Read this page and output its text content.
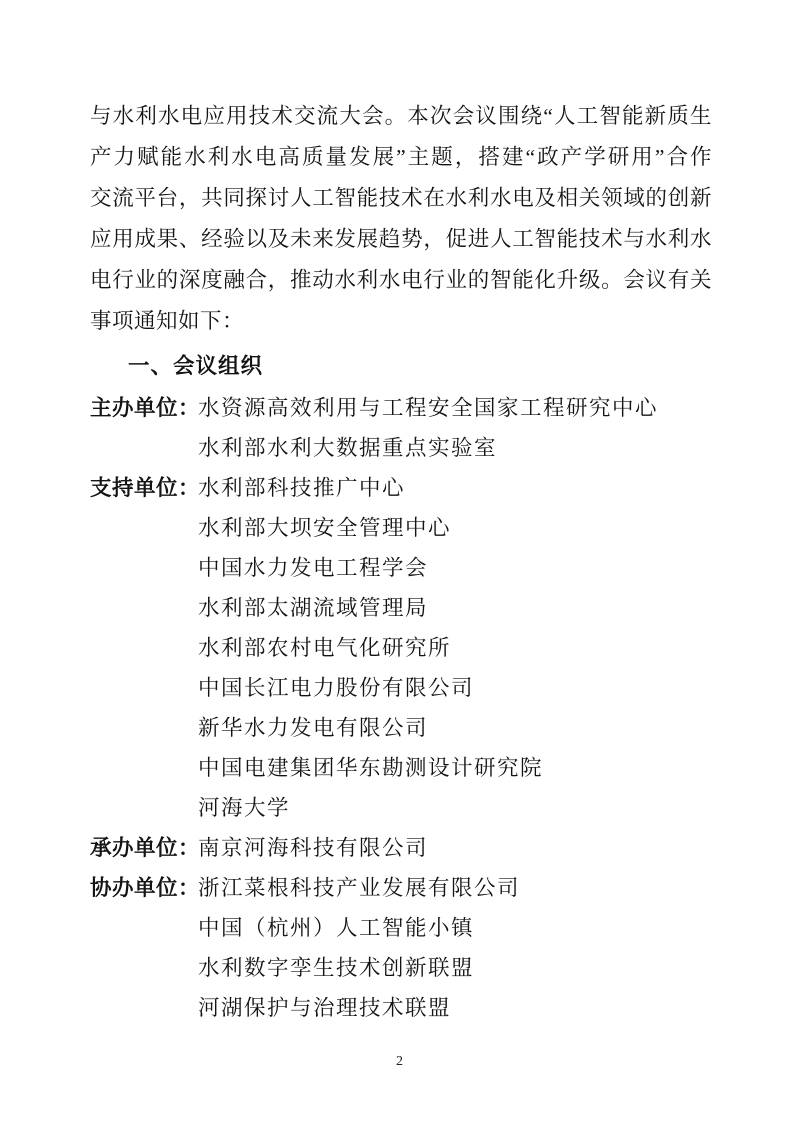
与水利水电应用技术交流大会。本次会议围绕“人工智能新质生
产力赋能水利水电高质量发展”主题，搭建“政产学研用”合作
交流平台，共同探讨人工智能技术在水利水电及相关领域的创新
应用成果、经验以及未来发展趋势，促进人工智能技术与水利水
电行业的深度融合，推动水利水电行业的智能化升级。会议有关
事项通知如下：
一、会议组织
主办单位：
水资源高效利用与工程安全国家工程研究中心
水利部水利大数据重点实验室
支持单位：
水利部科技推广中心
水利部大坝安全管理中心
中国水力发电工程学会
水利部太湖流域管理局
水利部农村电气化研究所
中国长江电力股份有限公司
新华水力发电有限公司
中国电建集团华东勘测设计研究院
河海大学
承办单位：
南京河海科技有限公司
协办单位：
浙江菜根科技产业发展有限公司
中国（杭州）人工智能小镇
水利数字孪生技术创新联盟
河湖保护与治理技术联盟
2
